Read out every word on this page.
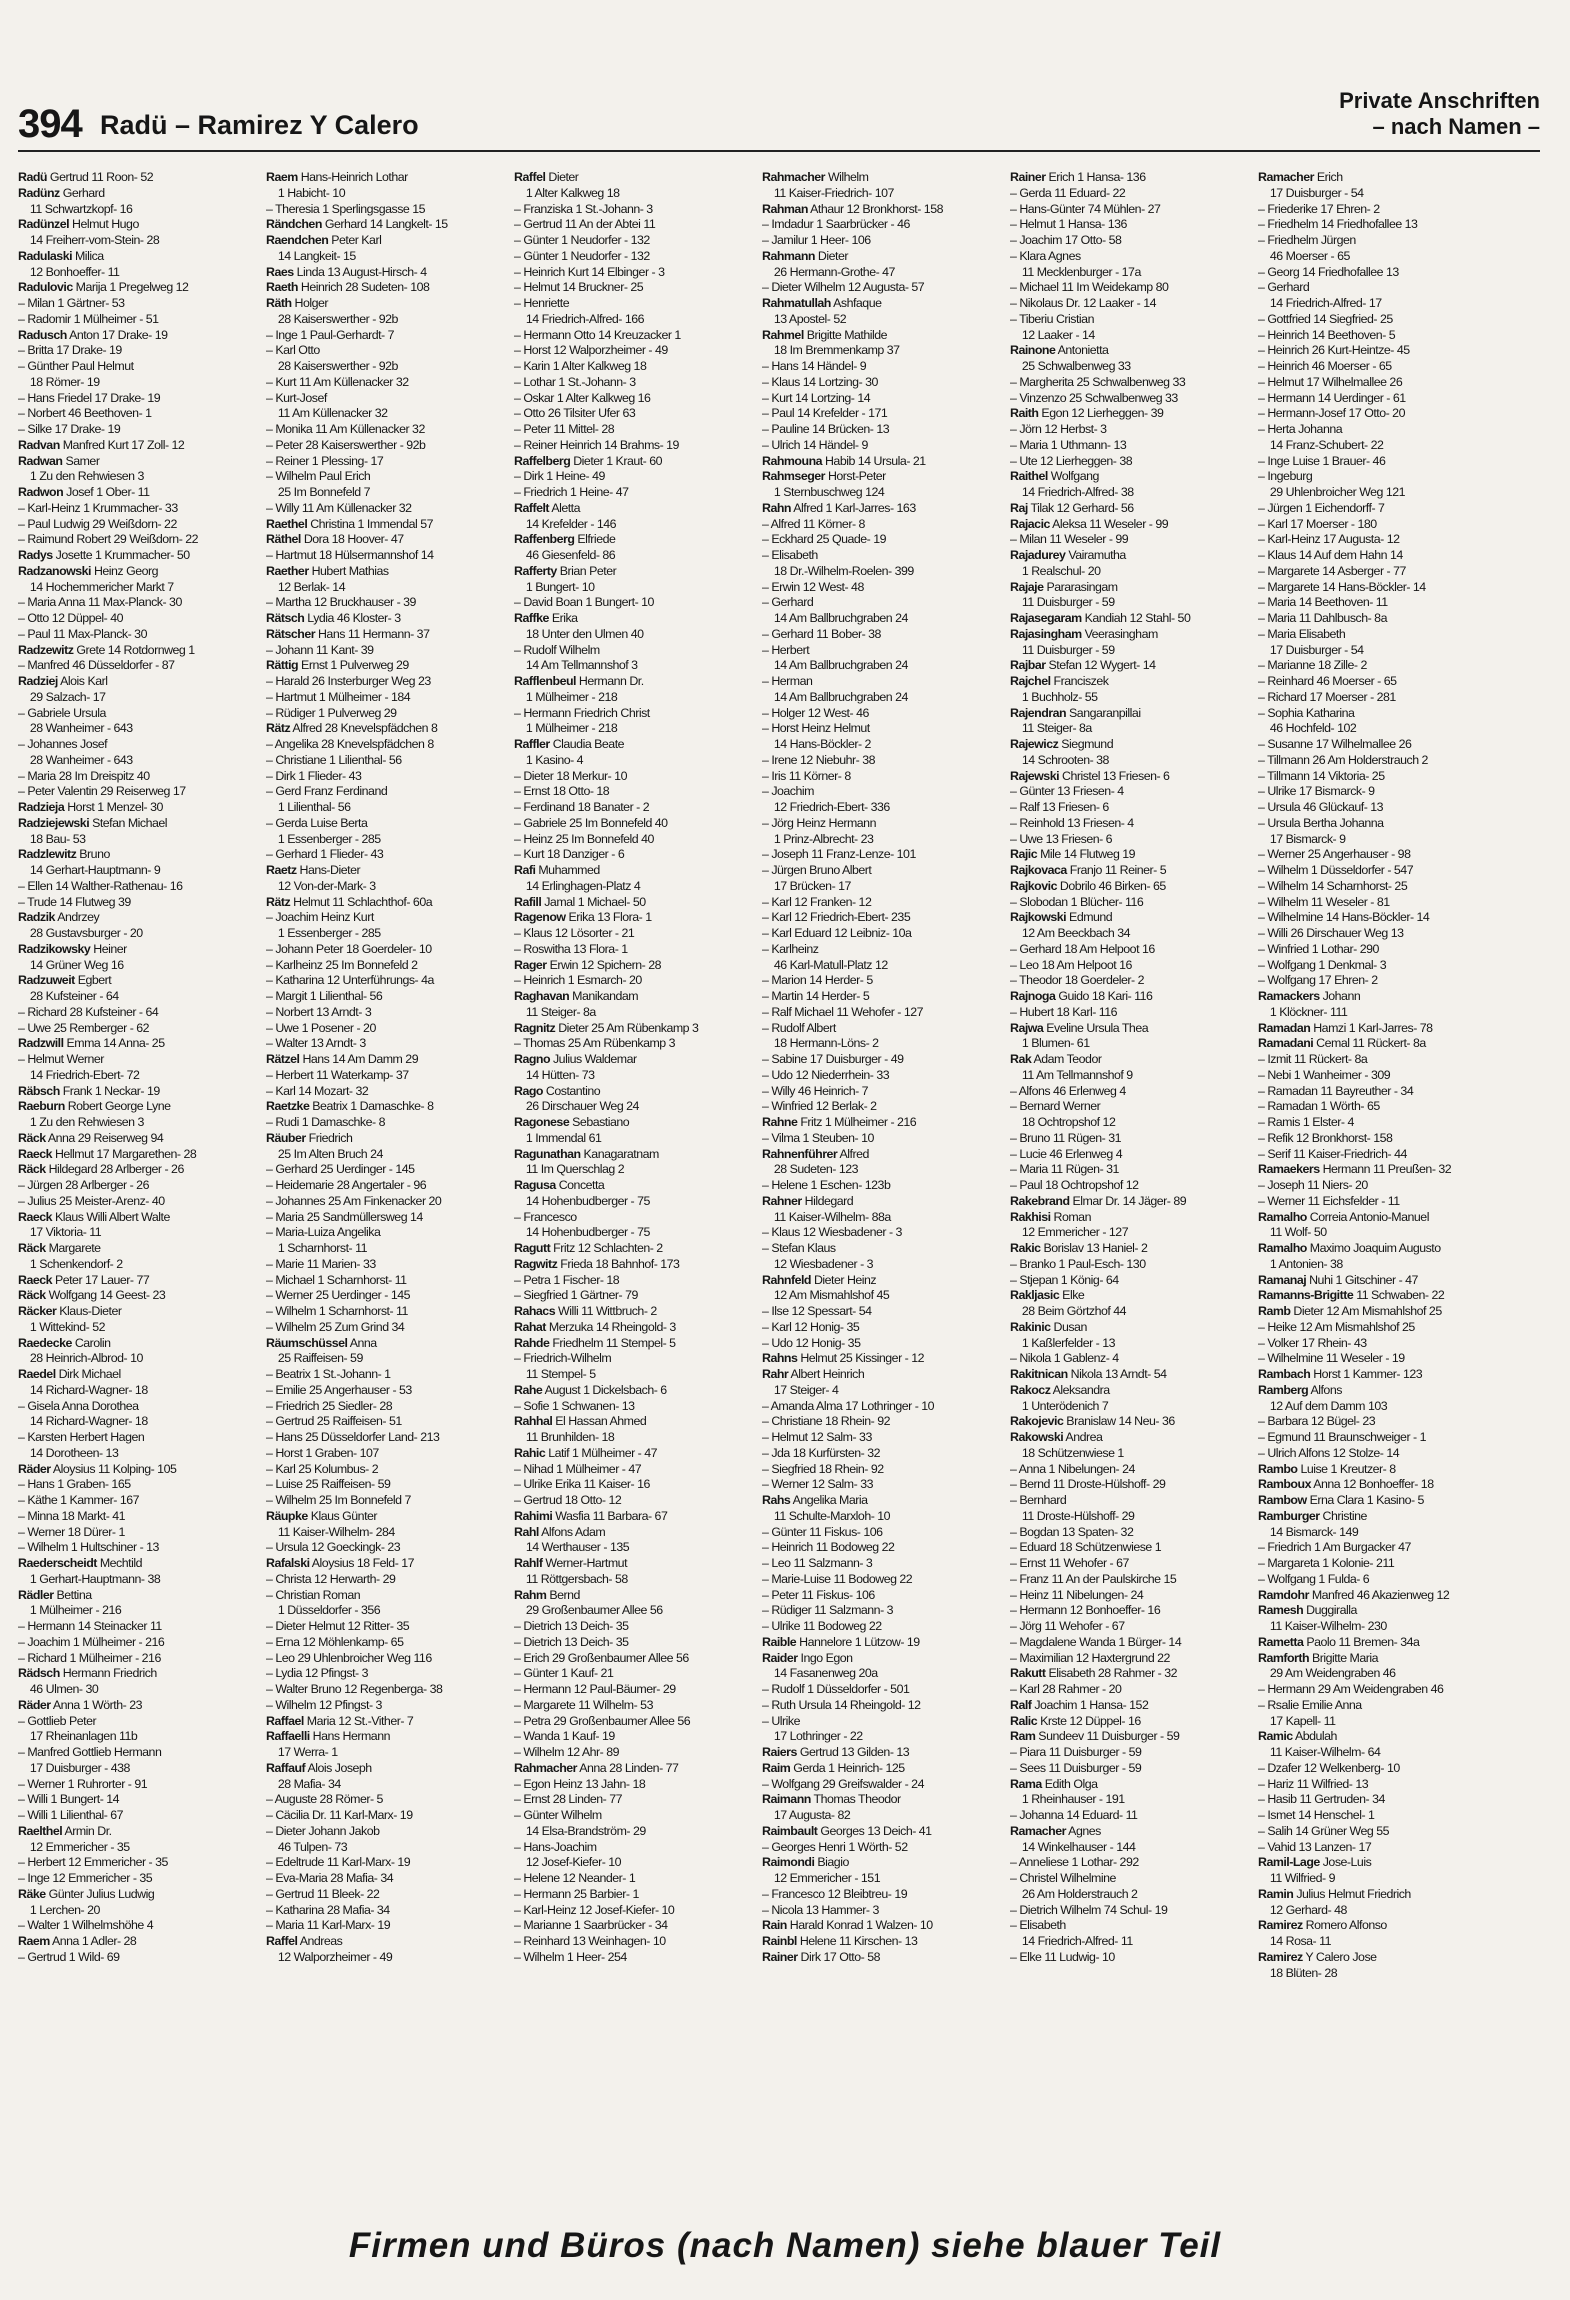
394 Radü – Ramirez Y Calero
Private Anschriften
– nach Namen –
Radü Gertrud 11 Roon- 52
Radünz Gerhard
 11 Schwartzkopf- 16
Radünzel Helmut Hugo
 14 Freiherr-vom-Stein- 28
Radulaski Milica
 12 Bonhoeffer- 11
Radulovic Marija 1 Pregelweg 12
– Milan 1 Gärtner- 53
– Radomir 1 Mülheimer - 51
Radusch Anton 17 Drake- 19
– Britta 17 Drake- 19
– Günther Paul Helmut
 18 Römer- 19
– Hans Friedel 17 Drake- 19
– Norbert 46 Beethoven- 1
– Silke 17 Drake- 19
Radvan Manfred Kurt 17 Zoll- 12
Radwan Samer
 1 Zu den Rehwiesen 3
Radwon Josef 1 Ober- 11
– Karl-Heinz 1 Krummacher- 33
– Paul Ludwig 29 Weißdorn- 22
– Raimund Robert 29 Weißdorn- 22
Radys Josette 1 Krummacher- 50
Radzanowski Heinz Georg
 14 Hochemmericher Markt 7
– Maria Anna 11 Max-Planck- 30
– Otto 12 Düppel- 40
– Paul 11 Max-Planck- 30
Radzewitz Grete 14 Rotdornweg 1
– Manfred 46 Düsseldorfer - 87
Radziej Alois Karl
 29 Salzach- 17
– Gabriele Ursula
 28 Wanheimer - 643
– Johannes Josef
 28 Wanheimer - 643
– Maria 28 Im Dreispitz 40
– Peter Valentin 29 Reiserweg 17
Radzieja Horst 1 Menzel- 30
Radziejewski Stefan Michael
 18 Bau- 53
Radzlewitz Bruno
 14 Gerhart-Hauptmann- 9
– Ellen 14 Walther-Rathenau- 16
– Trude 14 Flutweg 39
Radzik Andrzey
 28 Gustavsburger - 20
Radzikowsky Heiner
 14 Grüner Weg 16
Radzuweit Egbert
 28 Kufsteiner - 64
– Richard 28 Kufsteiner - 64
– Uwe 25 Remberger - 62
Radzwill Emma 14 Anna- 25
– Helmut Werner
 14 Friedrich-Ebert- 72
Räbsch Frank 1 Neckar- 19
Raeburn Robert George Lyne
 1 Zu den Rehwiesen 3
Räck Anna 29 Reiserweg 94
Raeck Hellmut 17 Margarethen- 28
Räck Hildegard 28 Arlberger - 26
– Jürgen 28 Arlberger - 26
– Julius 25 Meister-Arenz- 40
Raeck Klaus Willi Albert Walte
 17 Viktoria- 11
Räck Margarete
 1 Schenkendorf- 2
Raeck Peter 17 Lauer- 77
Räck Wolfgang 14 Geest- 23
Räcker Klaus-Dieter
 1 Wittekind- 52
Raedecke Carolin
 28 Heinrich-Albrod- 10
Raedel Dirk Michael
 14 Richard-Wagner- 18
– Gisela Anna Dorothea
 14 Richard-Wagner- 18
– Karsten Herbert Hagen
 14 Dorotheen- 13
Räder Aloysius 11 Kolping- 105
– Hans 1 Graben- 165
– Käthe 1 Kammer- 167
– Minna 18 Markt- 41
– Werner 18 Dürer- 1
– Wilhelm 1 Hultschiner - 13
Raederscheidt Mechtild
 1 Gerhart-Hauptmann- 38
Rädler Bettina
 1 Mülheimer - 216
– Hermann 14 Steinacker 11
– Joachim 1 Mülheimer - 216
– Richard 1 Mülheimer - 216
Rädsch Hermann Friedrich
 46 Ulmen- 30
Räder Anna 1 Wörth- 23
– Gottlieb Peter
 17 Rheinanlagen 11b
– Manfred Gottlieb Hermann
 17 Duisburger - 438
– Werner 1 Ruhrorter - 91
– Willi 1 Bungert- 14
– Willi 1 Lilienthal- 67
Raelthel Armin Dr.
 12 Emmericher - 35
– Herbert 12 Emmericher - 35
– Inge 12 Emmericher - 35
Räke Günter Julius Ludwig
 1 Lerchen- 20
– Walter 1 Wilhelmshöhe 4
Raem Anna 1 Adler- 28
– Gertrud 1 Wild- 69
Raem Hans-Heinrich Lothar
 1 Habicht- 10
– Theresia 1 Sperlingsgasse 15
Rändchen Gerhard 14 Langkelt- 15
Raendchen Peter Karl
 14 Langkeit- 15
Raes Linda 13 August-Hirsch- 4
Raeth Heinrich 28 Sudeten- 108
Räth Holger
 28 Kaiserswerther - 92b
– Inge 1 Paul-Gerhardt- 7
– Karl Otto
 28 Kaiserswerther - 92b
– Kurt 11 Am Küllenacker 32
– Kurt-Josef
 11 Am Küllenacker 32
– Monika 11 Am Küllenacker 32
– Peter 28 Kaiserswerther - 92b
– Reiner 1 Plessing- 17
– Wilhelm Paul Erich
 25 Im Bonnefeld 7
– Willy 11 Am Küllenacker 32
Raethel Christina 1 Immendal 57
Räthel Dora 18 Hoover- 47
– Hartmut 18 Hülsermannshof 14
Raether Hubert Mathias
 12 Berlak- 14
– Martha 12 Bruckhauser - 39
Rätsch Lydia 46 Kloster- 3
Rätscher Hans 11 Hermann- 37
– Johann 11 Kant- 39
Rättig Ernst 1 Pulverweg 29
– Harald 26 Insterburger Weg 23
– Hartmut 1 Mülheimer - 184
– Rüdiger 1 Pulverweg 29
Rätz Alfred 28 Knevelspfädchen 8
– Angelika 28 Knevelspfädchen 8
– Christiane 1 Lilienthal- 56
– Dirk 1 Flieder- 43
– Gerd Franz Ferdinand
 1 Lilienthal- 56
– Gerda Luise Berta
 1 Essenberger - 285
– Gerhard 1 Flieder- 43
Raetz Hans-Dieter
 12 Von-der-Mark- 3
Rätz Helmut 11 Schlachthof- 60a
– Joachim Heinz Kurt
 1 Essenberger - 285
– Johann Peter 18 Goerdeler- 10
– Karlheinz 25 Im Bonnefeld 2
– Katharina 12 Unterführungs- 4a
– Margit 1 Lilienthal- 56
– Norbert 13 Arndt- 3
– Uwe 1 Posener - 20
– Walter 13 Arndt- 3
Rätzel Hans 14 Am Damm 29
– Herbert 11 Waterkamp- 37
– Karl 14 Mozart- 32
Raetzke Beatrix 1 Damaschke- 8
– Rudi 1 Damaschke- 8
Räuber Friedrich
 25 Im Alten Bruch 24
– Gerhard 25 Uerdinger - 145
– Heidemarie 28 Angertaler - 96
– Johannes 25 Am Finkenacker 20
– Maria 25 Sandmüllersweg 14
– Maria-Luiza Angelika
 1 Scharnhorst- 11
– Marie 11 Marien- 33
– Michael 1 Scharnhorst- 11
– Werner 25 Uerdinger - 145
– Wilhelm 1 Scharnhorst- 11
– Wilhelm 25 Zum Grind 34
Räumschüssel Anna
 25 Raiffeisen- 59
– Beatrix 1 St.-Johann- 1
– Emilie 25 Angerhauser - 53
– Friedrich 25 Siedler- 28
– Gertrud 25 Raiffeisen- 51
– Hans 25 Düsseldorfer Land- 213
– Horst 1 Graben- 107
– Karl 25 Kolumbus- 2
– Luise 25 Raiffeisen- 59
– Wilhelm 25 Im Bonnefeld 7
Räupke Klaus Günter
 11 Kaiser-Wilhelm- 284
– Ursula 12 Goeckingk- 23
Rafalski Aloysius 18 Feld- 17
– Christa 12 Herwarth- 29
– Christian Roman
 1 Düsseldorfer - 356
– Dieter Helmut 12 Ritter- 35
– Erna 12 Möhlenkamp- 65
– Leo 29 Uhlenbroicher Weg 116
– Lydia 12 Pfingst- 3
– Walter Bruno 12 Regenberga- 38
– Wilhelm 12 Pfingst- 3
Raffael Maria 12 St.-Vither- 7
Raffaelli Hans Hermann
 17 Werra- 1
Raffauf Alois Joseph
 28 Mafia- 34
– Auguste 28 Römer- 5
– Cäcilia Dr. 11 Karl-Marx- 19
– Dieter Johann Jakob
 46 Tulpen- 73
– Edeltrude 11 Karl-Marx- 19
– Eva-Maria 28 Mafia- 34
– Gertrud 11 Bleek- 22
– Katharina 28 Mafia- 34
– Maria 11 Karl-Marx- 19
Raffel Andreas
 12 Walporzheimer - 49
Raffel Dieter
 1 Alter Kalkweg 18
– Franziska 1 St.-Johann- 3
– Gertrud 11 An der Abtei 11
– Günter 1 Neudorfer - 132
– Günter 1 Neudorfer - 132
– Heinrich Kurt 14 Elbinger - 3
– Helmut 14 Bruckner- 25
– Henriette
 14 Friedrich-Alfred- 166
– Hermann Otto 14 Kreuzacker 1
– Horst 12 Walporzheimer - 49
– Karin 1 Alter Kalkweg 18
– Lothar 1 St.-Johann- 3
– Oskar 1 Alter Kalkweg 16
– Otto 26 Tilsiter Ufer 63
– Peter 11 Mittel- 28
– Reiner Heinrich 14 Brahms- 19
Raffelberg Dieter 1 Kraut- 60
– Dirk 1 Heine- 49
– Friedrich 1 Heine- 47
Raffelt Aletta
 14 Krefelder - 146
Raffenberg Elfriede
 46 Giesenfeld- 86
Rafferty Brian Peter
 1 Bungert- 10
– David Boan 1 Bungert- 10
Raffke Erika
 18 Unter den Ulmen 40
– Rudolf Wilhelm
 14 Am Tellmannshof 3
Rafflenbeul Hermann Dr.
 1 Mülheimer - 218
– Hermann Friedrich Christ
 1 Mülheimer - 218
Raffler Claudia Beate
 1 Kasino- 4
– Dieter 18 Merkur- 10
– Ernst 18 Otto- 18
– Ferdinand 18 Banater - 2
– Gabriele 25 Im Bonnefeld 40
– Heinz 25 Im Bonnefeld 40
– Kurt 18 Danziger - 6
Rafi Muhammed
 14 Erlinghagen-Platz 4
Rafill Jamal 1 Michael- 50
Ragenow Erika 13 Flora- 1
– Klaus 12 Lösorter - 21
– Roswitha 13 Flora- 1
Rager Erwin 12 Spichern- 28
– Heinrich 1 Esmarch- 20
Raghavan Manikandam
 11 Steiger- 8a
Ragnitz Dieter 25 Am Rübenkamp 3
– Thomas 25 Am Rübenkamp 3
Ragno Julius Waldemar
 14 Hütten- 73
Rago Costantino
 26 Dirschauer Weg 24
Ragonese Sebastiano
 1 Immendal 61
Ragunathan Kanagaratnam
 11 Im Querschlag 2
Ragusa Concetta
 14 Hohenbudberger - 75
– Francesco
 14 Hohenbudberger - 75
Ragutt Fritz 12 Schlachten- 2
Ragwitz Frieda 18 Bahnhof- 173
– Petra 1 Fischer- 18
– Siegfried 1 Gärtner- 79
Rahacs Willi 11 Wittbruch- 2
Rahat Merzuka 14 Rheingold- 3
Rahde Friedhelm 11 Stempel- 5
– Friedrich-Wilhelm
 11 Stempel- 5
Rahe August 1 Dickelsbach- 6
– Sofie 1 Schwanen- 13
Rahhal El Hassan Ahmed
 11 Brunhilden- 18
Rahic Latif 1 Mülheimer - 47
– Nihad 1 Mülheimer - 47
– Ulrike Erika 11 Kaiser- 16
– Gertrud 18 Otto- 12
Rahimi Wasfia 11 Barbara- 67
Rahl Alfons Adam
 14 Werthauser - 135
Rahlf Werner-Hartmut
 11 Röttgersbach- 58
Rahm Bernd
 29 Großenbaumer Allee 56
– Dietrich 13 Deich- 35
– Dietrich 13 Deich- 35
– Erich 29 Großenbaumer Allee 56
– Günter 1 Kauf- 21
– Hermann 12 Paul-Bäumer- 29
– Margarete 11 Wilhelm- 53
– Petra 29 Großenbaumer Allee 56
– Wanda 1 Kauf- 19
– Wilhelm 12 Ahr- 89
Rahmacher Anna 28 Linden- 77
– Egon Heinz 13 Jahn- 18
– Ernst 28 Linden- 77
– Günter Wilhelm
 14 Elsa-Brandström- 29
– Hans-Joachim
 12 Josef-Kiefer- 10
– Helene 12 Neander- 1
– Hermann 25 Barbier- 1
– Karl-Heinz 12 Josef-Kiefer- 10
– Marianne 1 Saarbrücker - 34
– Reinhard 13 Weinhagen- 10
– Wilhelm 1 Heer- 254
Rahmacher Wilhelm
 11 Kaiser-Friedrich- 107
Rahman Athaur 12 Bronkhorst- 158
– Imdadur 1 Saarbrücker - 46
– Jamilur 1 Heer- 106
Rahmann Dieter
 26 Hermann-Grothe- 47
– Dieter Wilhelm 12 Augusta- 57
Rahmatullah Ashfaque
 13 Apostel- 52
Rahmel Brigitte Mathilde
 18 Im Bremmenkamp 37
– Hans 14 Händel- 9
– Klaus 14 Lortzing- 30
– Kurt 14 Lortzing- 14
– Paul 14 Krefelder - 171
– Pauline 14 Brücken- 13
– Ulrich 14 Händel- 9
Rahmouna Habib 14 Ursula- 21
Rahmseger Horst-Peter
 1 Sternbuschweg 124
Rahn Alfred 1 Karl-Jarres- 163
– Alfred 11 Körner- 8
– Eckhard 25 Quade- 19
– Elisabeth
 18 Dr.-Wilhelm-Roelen- 399
– Erwin 12 West- 48
– Gerhard
 14 Am Ballbruchgraben 24
– Gerhard 11 Bober- 38
– Herbert
 14 Am Ballbruchgraben 24
– Herman
 14 Am Ballbruchgraben 24
– Holger 12 West- 46
– Horst Heinz Helmut
 14 Hans-Böckler- 2
– Irene 12 Niebuhr- 38
– Iris 11 Körner- 8
– Joachim
 12 Friedrich-Ebert- 336
– Jörg Heinz Hermann
 1 Prinz-Albrecht- 23
– Joseph 11 Franz-Lenze- 101
– Jürgen Bruno Albert
 17 Brücken- 17
– Karl 12 Franken- 12
– Karl 12 Friedrich-Ebert- 235
– Karl Eduard 12 Leibniz- 10a
– Karlheinz
 46 Karl-Matull-Platz 12
– Marion 14 Herder- 5
– Martin 14 Herder- 5
– Ralf Michael 11 Wehofer - 127
– Rudolf Albert
 18 Hermann-Löns- 2
– Sabine 17 Duisburger - 49
– Udo 12 Niederrhein- 33
– Willy 46 Heinrich- 7
– Winfried 12 Berlak- 2
Rahne Fritz 1 Mülheimer - 216
– Vilma 1 Steuben- 10
Rahnenführer Alfred
 28 Sudeten- 123
– Helene 1 Eschen- 123b
Rahner Hildegard
 11 Kaiser-Wilhelm- 88a
– Klaus 12 Wiesbadener - 3
– Stefan Klaus
 12 Wiesbadener - 3
Rahnfeld Dieter Heinz
 12 Am Mismahlshof 45
– Ilse 12 Spessart- 54
– Karl 12 Honig- 35
– Udo 12 Honig- 35
Rahns Helmut 25 Kissinger - 12
Rahr Albert Heinrich
 17 Steiger- 4
– Amanda Alma 17 Lothringer - 10
– Christiane 18 Rhein- 92
– Helmut 12 Salm- 33
– Jda 18 Kurfürsten- 32
– Siegfried 18 Rhein- 92
– Werner 12 Salm- 33
Rahs Angelika Maria
 11 Schulte-Marxloh- 10
– Günter 11 Fiskus- 106
– Heinrich 11 Bodoweg 22
– Leo 11 Salzmann- 3
– Marie-Luise 11 Bodoweg 22
– Peter 11 Fiskus- 106
– Rüdiger 11 Salzmann- 3
– Ulrike 11 Bodoweg 22
Raible Hannelore 1 Lützow- 19
Raider Ingo Egon
 14 Fasanenweg 20a
– Rudolf 1 Düsseldorfer - 501
– Ruth Ursula 14 Rheingold- 12
– Ulrike
 17 Lothringer - 22
Raiers Gertrud 13 Gilden- 13
Raim Gerda 1 Heinrich- 125
– Wolfgang 29 Greifswalder - 24
Raimann Thomas Theodor
 17 Augusta- 82
Raimbault Georges 13 Deich- 41
– Georges Henri 1 Wörth- 52
Raimondi Biagio
 12 Emmericher - 151
– Francesco 12 Bleibtreu- 19
– Nicola 13 Hammer- 3
Rain Harald Konrad 1 Walzen- 10
Rainbl Helene 11 Kirschen- 13
Rainer Dirk 17 Otto- 58
Rainer Erich 1 Hansa- 136
– Gerda 11 Eduard- 22
– Hans-Günter 74 Mühlen- 27
– Helmut 1 Hansa- 136
– Joachim 17 Otto- 58
– Klara Agnes
 11 Mecklenburger - 17a
– Michael 11 Im Weidekamp 80
– Nikolaus Dr. 12 Laaker - 14
– Tiberiu Cristian
 12 Laaker - 14
Rainone Antonietta
 25 Schwalbenweg 33
– Margherita 25 Schwalbenweg 33
– Vinzenzo 25 Schwalbenweg 33
Raith Egon 12 Lierheggen- 39
– Jörn 12 Herbst- 3
– Maria 1 Uthmann- 13
– Ute 12 Lierheggen- 38
Raithel Wolfgang
 14 Friedrich-Alfred- 38
Raj Tilak 12 Gerhard- 56
Rajacic Aleksa 11 Weseler - 99
– Milan 11 Weseler - 99
Rajadurey Vairamutha
 1 Realschul- 20
Rajaje Pararasingam
 11 Duisburger - 59
Rajasegaram Kandiah 12 Stahl- 50
Rajasingham Veerasingham
 11 Duisburger - 59
Rajbar Stefan 12 Wygert- 14
Rajchel Franciszek
 1 Buchholz- 55
Rajendran Sangaranpillai
 11 Steiger- 8a
Rajewicz Siegmund
 14 Schrooten- 38
Rajewski Christel 13 Friesen- 6
– Günter 13 Friesen- 4
– Ralf 13 Friesen- 6
– Reinhold 13 Friesen- 4
– Uwe 13 Friesen- 6
Rajic Mile 14 Flutweg 19
Rajkovaca Franjo 11 Reiner- 5
Rajkovic Dobrilo 46 Birken- 65
– Slobodan 1 Blücher- 116
Rajkowski Edmund
 12 Am Beeckbach 34
– Gerhard 18 Am Helpoot 16
– Leo 18 Am Helpoot 16
– Theodor 18 Goerdeler- 2
Rajnoga Guido 18 Kari- 116
– Hubert 18 Karl- 116
Rajwa Eveline Ursula Thea
 1 Blumen- 61
Rak Adam Teodor
 11 Am Tellmannshof 9
– Alfons 46 Erlenweg 4
– Bernard Werner
 18 Ochtropshof 12
– Bruno 11 Rügen- 31
– Lucie 46 Erlenweg 4
– Maria 11 Rügen- 31
– Paul 18 Ochtropshof 12
Rakebrand Elmar Dr. 14 Jäger- 89
Rakhisi Roman
 12 Emmericher - 127
Rakic Borislav 13 Haniel- 2
– Branko 1 Paul-Esch- 130
– Stjepan 1 König- 64
Rakljasic Elke
 28 Beim Görtzhof 44
Rakinic Dusan
 1 Kaßlerfelder - 13
– Nikola 1 Gablenz- 4
Rakitnican Nikola 13 Arndt- 54
Rakocz Aleksandra
 1 Unterödenich 7
Rakojevic Branislaw 14 Neu- 36
Rakowski Andrea
 18 Schützenwiese 1
– Anna 1 Nibelungen- 24
– Bernd 11 Droste-Hülshoff- 29
– Bernhard
 11 Droste-Hülshoff- 29
– Bogdan 13 Spaten- 32
– Eduard 18 Schützenwiese 1
– Ernst 11 Wehofer - 67
– Franz 11 An der Paulskirche 15
– Heinz 11 Nibelungen- 24
– Hermann 12 Bonhoeffer- 16
– Jörg 11 Wehofer - 67
– Magdalene Wanda 1 Bürger- 14
– Maximilian 12 Haxtergrund 22
Rakutt Elisabeth 28 Rahmer - 32
– Karl 28 Rahmer - 20
Ralf Joachim 1 Hansa- 152
Ralic Krste 12 Düppel- 16
Ram Sundeev 11 Duisburger - 59
– Piara 11 Duisburger - 59
– Sees 11 Duisburger - 59
Rama Edith Olga
 1 Rheinhauser - 191
– Johanna 14 Eduard- 11
Ramacher Agnes
 14 Winkelhauser - 144
– Anneliese 1 Lothar- 292
– Christel Wilhelmine
 26 Am Holderstrauch 2
– Dietrich Wilhelm 74 Schul- 19
– Elisabeth
 14 Friedrich-Alfred- 11
– Elke 11 Ludwig- 10
Ramacher Erich
 17 Duisburger - 54
– Friederike 17 Ehren- 2
– Friedhelm 14 Friedhofallee 13
– Friedhelm Jürgen
 46 Moerser - 65
– Georg 14 Friedhofallee 13
– Gerhard
 14 Friedrich-Alfred- 17
– Gottfried 14 Siegfried- 25
– Heinrich 14 Beethoven- 5
– Heinrich 26 Kurt-Heintze- 45
– Heinrich 46 Moerser - 65
– Helmut 17 Wilhelmallee 26
– Hermann 14 Uerdinger - 61
– Hermann-Josef 17 Otto- 20
– Herta Johanna
 14 Franz-Schubert- 22
– Inge Luise 1 Brauer- 46
– Ingeburg
 29 Uhlenbroicher Weg 121
– Jürgen 1 Eichendorff- 7
– Karl 17 Moerser - 180
– Karl-Heinz 17 Augusta- 12
– Klaus 14 Auf dem Hahn 14
– Margarete 14 Asberger - 77
– Margarete 14 Hans-Böckler- 14
– Maria 14 Beethoven- 11
– Maria 11 Dahlbusch- 8a
– Maria Elisabeth
 17 Duisburger - 54
– Marianne 18 Zille- 2
– Reinhard 46 Moerser - 65
– Richard 17 Moerser - 281
– Sophia Katharina
 46 Hochfeld- 102
– Susanne 17 Wilhelmallee 26
– Tillmann 26 Am Holderstrauch 2
– Tillmann 14 Viktoria- 25
– Ulrike 17 Bismarck- 9
– Ursula 46 Glückauf- 13
– Ursula Bertha Johanna
 17 Bismarck- 9
– Werner 25 Angerhauser - 98
– Wilhelm 1 Düsseldorfer - 547
– Wilhelm 14 Scharnhorst- 25
– Wilhelm 11 Weseler - 81
– Wilhelmine 14 Hans-Böckler- 14
– Willi 26 Dirschauer Weg 13
– Winfried 1 Lothar- 290
– Wolfgang 1 Denkmal- 3
– Wolfgang 17 Ehren- 2
Ramackers Johann
 1 Klöckner- 111
Ramadan Hamzi 1 Karl-Jarres- 78
Ramadani Cemal 11 Rückert- 8a
– Izmit 11 Rückert- 8a
– Nebi 1 Wanheimer - 309
– Ramadan 11 Bayreuther - 34
– Ramadan 1 Wörth- 65
– Ramis 1 Elster- 4
– Refik 12 Bronkhorst- 158
– Serif 11 Kaiser-Friedrich- 44
Ramaekers Hermann 11 Preußen- 32
– Joseph 11 Niers- 20
– Werner 11 Eichsfelder - 11
Ramalho Correia Antonio-Manuel
 11 Wolf- 50
Ramalho Maximo Joaquim Augusto
 1 Antonien- 38
Ramanaj Nuhi 1 Gitschiner - 47
Ramanns-Brigitte 11 Schwaben- 22
Ramb Dieter 12 Am Mismahlshof 25
– Heike 12 Am Mismahlshof 25
– Volker 17 Rhein- 43
– Wilhelmine 11 Weseler - 19
Rambach Horst 1 Kammer- 123
Ramberg Alfons
 12 Auf dem Damm 103
– Barbara 12 Bügel- 23
– Egmund 11 Braunschweiger - 1
– Ulrich Alfons 12 Stolze- 14
Rambo Luise 1 Kreutzer- 8
Ramboux Anna 12 Bonhoeffer- 18
Rambow Erna Clara 1 Kasino- 5
Ramburger Christine
 14 Bismarck- 149
– Friedrich 1 Am Burgacker 47
– Margareta 1 Kolonie- 211
– Wolfgang 1 Fulda- 6
Ramdohr Manfred 46 Akazienweg 12
Ramesh Duggiralla
 11 Kaiser-Wilhelm- 230
Rametta Paolo 11 Bremen- 34a
Ramforth Brigitte Maria
 29 Am Weidengraben 46
– Hermann 29 Am Weidengraben 46
– Rsalie Emilie Anna
 17 Kapell- 11
Ramic Abdulah
 11 Kaiser-Wilhelm- 64
– Dzafer 12 Welkenberg- 10
– Hariz 11 Wilfried- 13
– Hasib 11 Gertruden- 34
– Ismet 14 Henschel- 1
– Salih 14 Grüner Weg 55
– Vahid 13 Lanzen- 17
Ramil-Lage Jose-Luis
 11 Wilfried- 9
Ramin Julius Helmut Friedrich
 12 Gerhard- 48
Ramirez Romero Alfonso
 14 Rosa- 11
Ramirez Y Calero Jose
 18 Blüten- 28
Firmen und Büros (nach Namen) siehe blauer Teil
